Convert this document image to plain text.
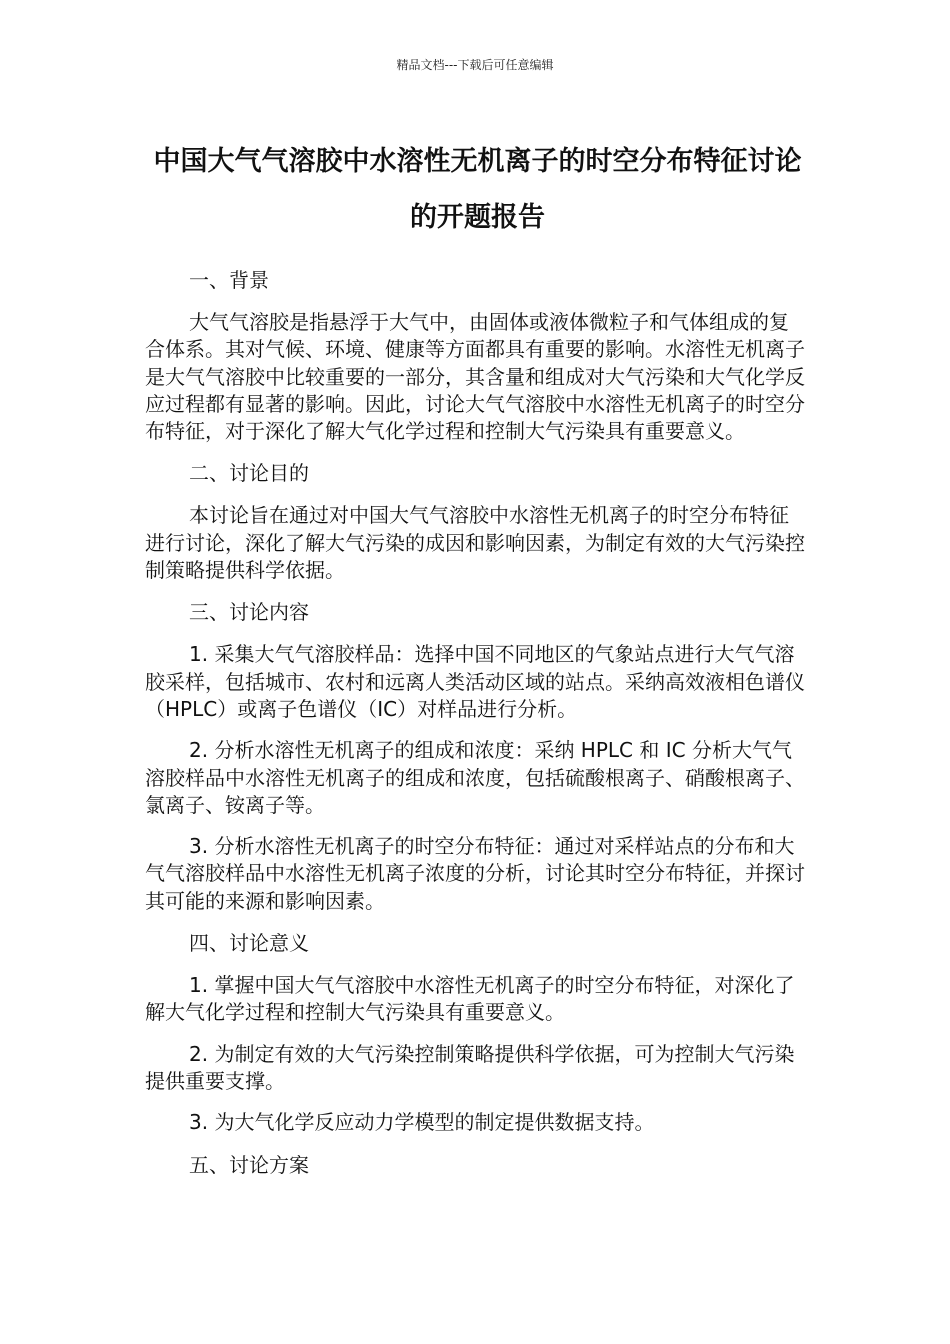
精品文档---下载后可任意编辑
中国大气气溶胶中水溶性无机离子的时空分布特征讨论的开题报告

一、背景

大气气溶胶是指悬浮于大气中，由固体或液体微粒子和气体组成的复合体系。其对气候、环境、健康等方面都具有重要的影响。水溶性无机离子是大气气溶胶中比较重要的一部分，其含量和组成对大气污染和大气化学反应过程都有显著的影响。因此，讨论大气气溶胶中水溶性无机离子的时空分布特征，对于深化了解大气化学过程和控制大气污染具有重要意义。

二、讨论目的

本讨论旨在通过对中国大气气溶胶中水溶性无机离子的时空分布特征进行讨论，深化了解大气污染的成因和影响因素，为制定有效的大气污染控制策略提供科学依据。

三、讨论内容

1. 采集大气气溶胶样品：选择中国不同地区的气象站点进行大气气溶胶采样，包括城市、农村和远离人类活动区域的站点。采纳高效液相色谱仪（HPLC）或离子色谱仪（IC）对样品进行分析。

2. 分析水溶性无机离子的组成和浓度：采纳 HPLC 和 IC 分析大气气溶胶样品中水溶性无机离子的组成和浓度，包括硫酸根离子、硝酸根离子、氯离子、铵离子等。

3. 分析水溶性无机离子的时空分布特征：通过对采样站点的分布和大气气溶胶样品中水溶性无机离子浓度的分析，讨论其时空分布特征，并探讨其可能的来源和影响因素。

四、讨论意义

1. 掌握中国大气气溶胶中水溶性无机离子的时空分布特征，对深化了解大气化学过程和控制大气污染具有重要意义。

2. 为制定有效的大气污染控制策略提供科学依据，可为控制大气污染提供重要支撑。

3. 为大气化学反应动力学模型的制定提供数据支持。

五、讨论方案
